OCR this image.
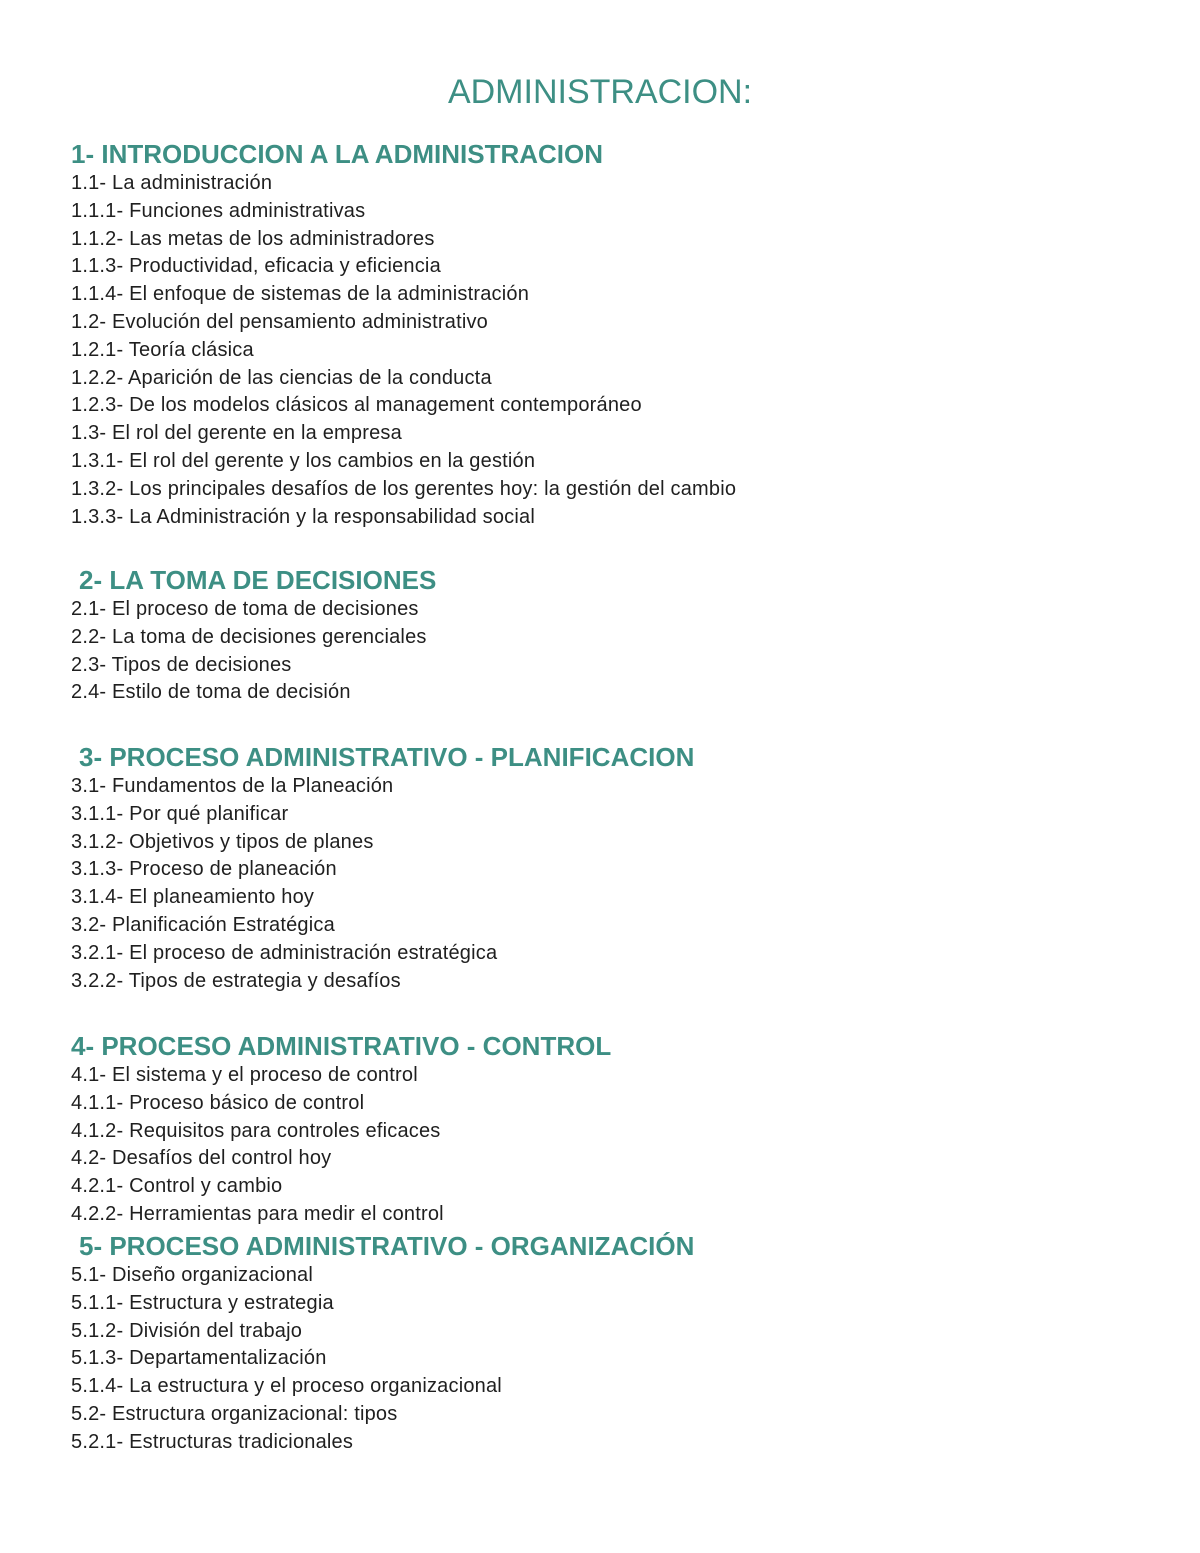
ADMINISTRACION:
1- INTRODUCCION A LA ADMINISTRACION
1.1- La administración
1.1.1- Funciones administrativas
1.1.2- Las metas de los administradores
1.1.3- Productividad, eficacia y eficiencia
1.1.4- El enfoque de sistemas de la administración
1.2- Evolución del pensamiento administrativo
1.2.1- Teoría clásica
1.2.2- Aparición de las ciencias de la conducta
1.2.3- De los modelos clásicos al management contemporáneo
1.3- El rol del gerente en la empresa
1.3.1- El rol del gerente y los cambios en la gestión
1.3.2- Los principales desafíos de los gerentes hoy: la gestión del cambio
1.3.3- La Administración y la responsabilidad social
2- LA TOMA DE DECISIONES
2.1- El proceso de toma de decisiones
2.2- La toma de decisiones gerenciales
2.3- Tipos de decisiones
2.4- Estilo de toma de decisión
3- PROCESO ADMINISTRATIVO - PLANIFICACION
3.1- Fundamentos de la Planeación
3.1.1- Por qué planificar
3.1.2- Objetivos y tipos de planes
3.1.3- Proceso de planeación
3.1.4- El planeamiento hoy
3.2- Planificación Estratégica
3.2.1- El proceso de administración estratégica
3.2.2- Tipos de estrategia y desafíos
4- PROCESO ADMINISTRATIVO - CONTROL
4.1- El sistema y el proceso de control
4.1.1- Proceso básico de control
4.1.2- Requisitos para controles eficaces
4.2- Desafíos del control hoy
4.2.1- Control y cambio
4.2.2- Herramientas para medir el control
5- PROCESO ADMINISTRATIVO - ORGANIZACIÓN
5.1- Diseño organizacional
5.1.1- Estructura y estrategia
5.1.2- División del trabajo
5.1.3- Departamentalización
5.1.4- La estructura y el proceso organizacional
5.2- Estructura organizacional: tipos
5.2.1- Estructuras tradicionales
